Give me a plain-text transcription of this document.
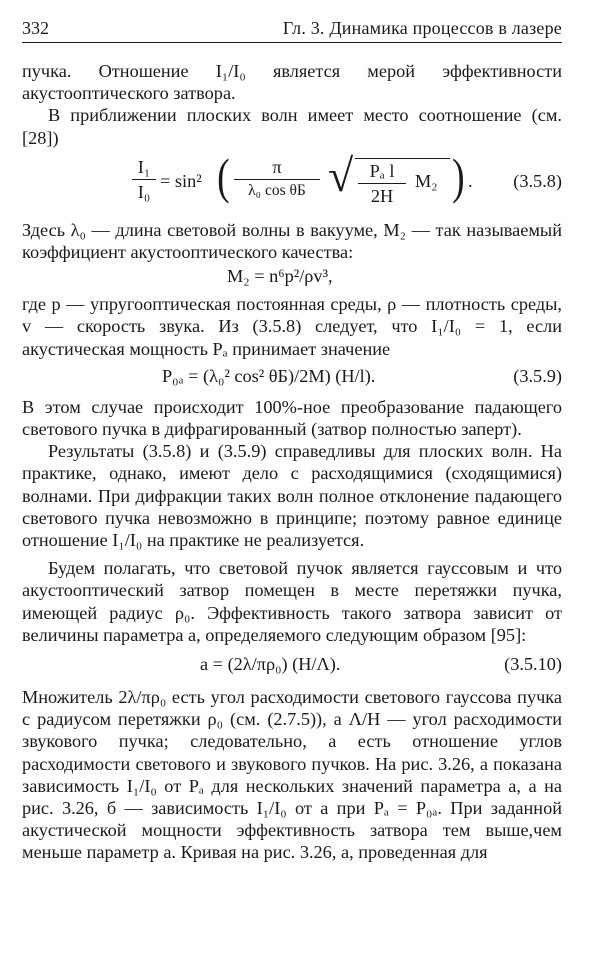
332	Гл. 3. Динамика процессов в лазере

пучка. Отношение I₁/I₀ является мерой эффективности акустооптического затвора.

В приближении плоских волн имеет место соотношение (см. [28])

$\frac{\text{I₁}}{\text{I₀}} = \sin^2$ (	π
λ₀ cos θБ √ $\frac{\text{Pₐ l}}{2H} M_2$ ) . (3.5.8)

Здесь λ₀ — длина световой волны в вакууме, M₂ — так называемый коэффициент акустооптического качества:

M₂ = n⁶p²/ρv³,

где p — упругооптическая постоянная среды, ρ — плотность среды, v — скорость звука. Из (3.5.8) следует, что I₁/I₀ = 1, если акустическая мощность Pₐ принимает значение

P₀ₐ = (λ₀² cos² θБ)/2M) (H/l).	(3.5.9)

В этом случае происходит 100%-ное преобразование падающего светового пучка в дифрагированный (затвор полностью заперт).

Результаты (3.5.8) и (3.5.9) справедливы для плоских волн. На практике, однако, имеют дело с расходящимися (сходящимися) волнами. При дифракции таких волн полное отклонение падающего светового пучка невозможно в принципе; поэтому равное единице отношение I₁/I₀ на практике не реализуется.

Будем полагать, что световой пучок является гауссовым и что акустооптический затвор помещен в месте перетяжки пучка, имеющей радиус ρ₀. Эффективность такого затвора зависит от величины параметра a, определяемого следующим образом [95]:

a = (2λ/πρ₀) (H/Λ).	(3.5.10)

Множитель 2λ/πρ₀ есть угол расходимости светового гауссова пучка с радиусом перетяжки ρ₀ (см. (2.7.5)), а Λ/H — угол расходимости звукового пучка; следовательно, a есть отношение углов расходимости светового и звукового пучков. На рис. 3.26, а показана зависимость I₁/I₀ от Pₐ для нескольких значений параметра a, а на рис. 3.26, б — зависимость I₁/I₀ от a при Pₐ = P₀ₐ. При заданной акустической мощности эффективность затвора тем выше,чем меньше параметр a. Кривая на рис. 3.26, а, проведенная для
